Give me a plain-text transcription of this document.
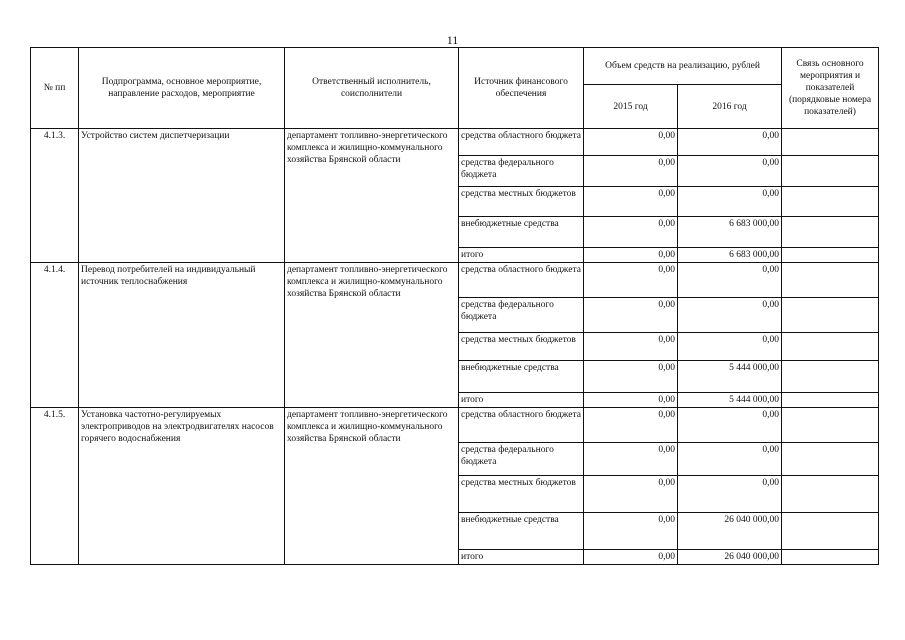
11
№ пп	Подпрограмма, основное мероприятие, направление расходов, мероприятие	Ответственный исполнитель, соисполнители	Источник финансового обеспечения	Объем средств на реализацию, рублей		Связь основного мероприятия и показателей (порядковые номера показателей)
				2015 год	2016 год	
4.1.3.	Устройство систем диспетчеризации	департамент топливно-энергетического комплекса и жилищно-коммунального хозяйства Брянской области	средства областного бюджета	0,00	0,00	
			средства федерального бюджета	0,00	0,00	
			средства местных бюджетов	0,00	0,00	
			внебюджетные средства	0,00	6 683 000,00	
			итого	0,00	6 683 000,00	
4.1.4.	Перевод потребителей на индивидуальный источник теплоснабжения	департамент топливно-энергетического комплекса и жилищно-коммунального хозяйства Брянской области	средства областного бюджета	0,00	0,00	
			средства федерального бюджета	0,00	0,00	
			средства местных бюджетов	0,00	0,00	
			внебюджетные средства	0,00	5 444 000,00	
			итого	0,00	5 444 000,00	
4.1.5.	Установка частотно-регулируемых электроприводов на электродвигателях насосов горячего водоснабжения	департамент топливно-энергетического комплекса и жилищно-коммунального хозяйства Брянской области	средства областного бюджета	0,00	0,00	
			средства федерального бюджета	0,00	0,00	
			средства местных бюджетов	0,00	0,00	
			внебюджетные средства	0,00	26 040 000,00	
			итого	0,00	26 040 000,00	
